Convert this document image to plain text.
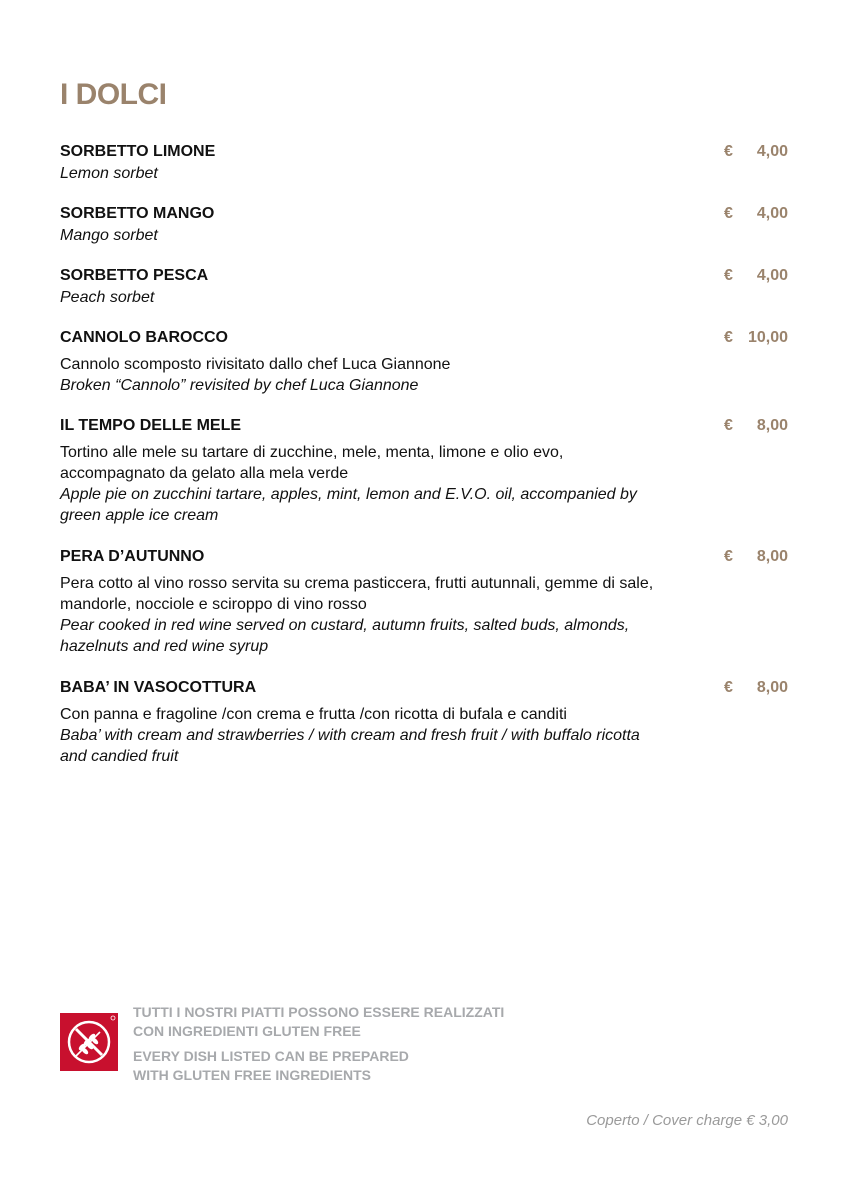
I DOLCI
SORBETTO LIMONE
Lemon sorbet
€	4,00
SORBETTO MANGO
Mango sorbet
€	4,00
SORBETTO PESCA
Peach sorbet
€	4,00
CANNOLO BAROCCO
Cannolo scomposto rivisitato dallo chef Luca Giannone
Broken “Cannolo” revisited by chef Luca Giannone
€ 10,00
IL TEMPO DELLE MELE
Tortino alle mele su tartare di zucchine, mele, menta, limone e olio evo, accompagnato da gelato alla mela verde
Apple pie on zucchini tartare, apples, mint, lemon and E.V.O. oil, accompanied by green apple ice cream
€	8,00
PERA D’AUTUNNO
Pera cotto al vino rosso servita su crema pasticcera, frutti autunnali, gemme di sale, mandorle, nocciole e sciroppo di vino rosso
Pear cooked in red wine served on custard, autumn fruits, salted buds, almonds, hazelnuts and red wine syrup
€	8,00
BABA’ IN VASOCOTTURA
Con panna e fragoline /con crema e frutta /con ricotta di bufala e canditi
Baba’ with cream and strawberries / with cream and fresh fruit / with buffalo ricotta and candied fruit
€	8,00
TUTTI I NOSTRI PIATTI POSSONO ESSERE REALIZZATI
CON INGREDIENTI GLUTEN FREE
EVERY DISH LISTED CAN BE PREPARED
WITH GLUTEN FREE INGREDIENTS
Coperto / Cover charge € 3,00
